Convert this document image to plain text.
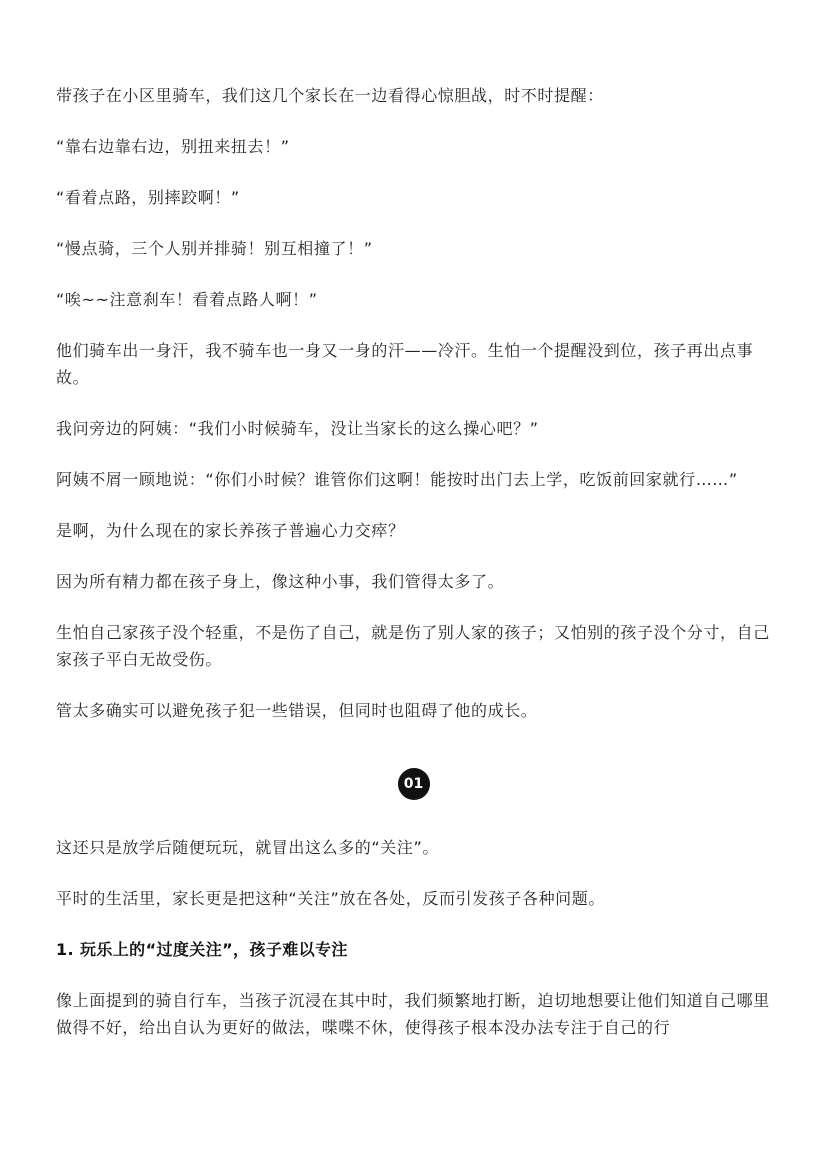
带孩子在小区里骑车，我们这几个家长在一边看得心惊胆战，时不时提醒：

“靠右边靠右边，别扭来扭去！”

“看着点路，别摔跤啊！”

“慢点骑，三个人别并排骑！别互相撞了！”

“唉~~注意刹车！看着点路人啊！”

他们骑车出一身汗，我不骑车也一身又一身的汗——冷汗。生怕一个提醒没到位，孩子再出点事故。

我问旁边的阿姨：“我们小时候骑车，没让当家长的这么操心吧？”

阿姨不屑一顾地说：“你们小时候？谁管你们这啊！能按时出门去上学，吃饭前回家就行……”

是啊，为什么现在的家长养孩子普遍心力交瘁？

因为所有精力都在孩子身上，像这种小事，我们管得太多了。

生怕自己家孩子没个轻重，不是伤了自己，就是伤了别人家的孩子；又怕别的孩子没个分寸，自己家孩子平白无故受伤。

管太多确实可以避免孩子犯一些错误，但同时也阻碍了他的成长。

01

这还只是放学后随便玩玩，就冒出这么多的“关注”。

平时的生活里，家长更是把这种“关注”放在各处，反而引发孩子各种问题。

1. 玩乐上的“过度关注”，孩子难以专注

像上面提到的骑自行车，当孩子沉浸在其中时，我们频繁地打断，迫切地想要让他们知道自己哪里做得不好，给出自认为更好的做法，喋喋不休，使得孩子根本没办法专注于自己的行
